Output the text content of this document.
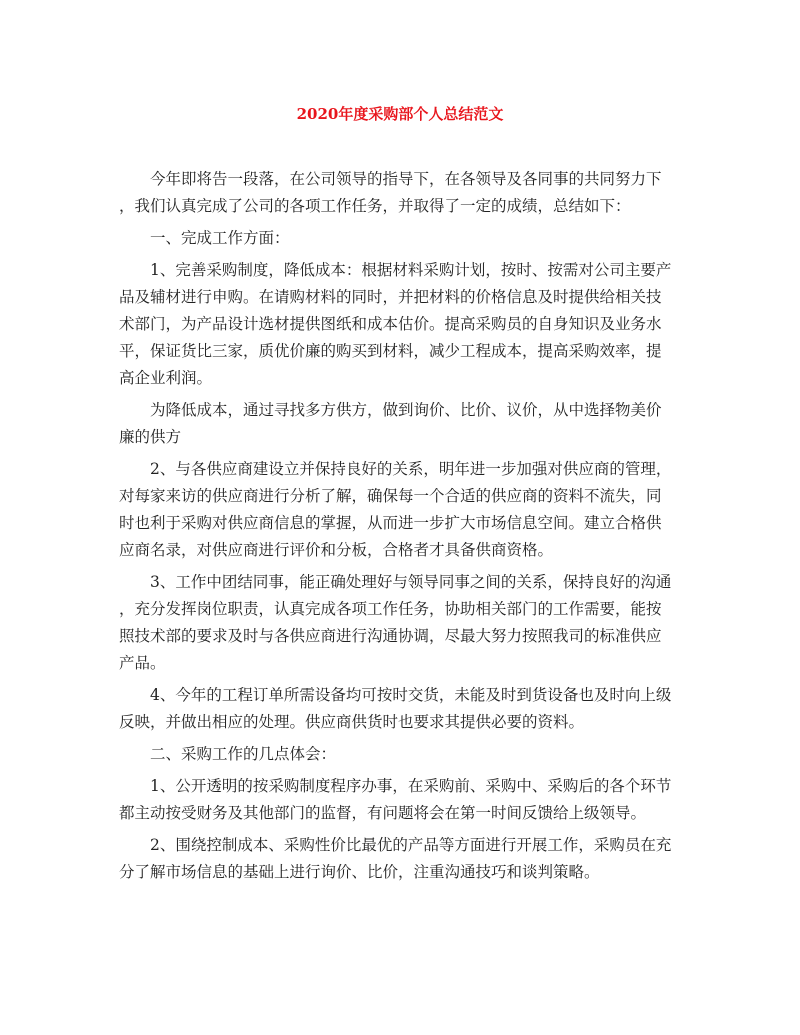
2020年度采购部个人总结范文

今年即将告一段落，在公司领导的指导下，在各领导及各同事的共同努力下
，我们认真完成了公司的各项工作任务，并取得了一定的成绩，总结如下：

一、完成工作方面：

1、完善采购制度，降低成本：根据材料采购计划，按时、按需对公司主要产
品及辅材进行申购。在请购材料的同时，并把材料的价格信息及时提供给相关技
术部门，为产品设计选材提供图纸和成本估价。提高采购员的自身知识及业务水
平，保证货比三家，质优价廉的购买到材料，减少工程成本，提高采购效率，提
高企业利润。

为降低成本，通过寻找多方供方，做到询价、比价、议价，从中选择物美价
廉的供方

2、与各供应商建设立并保持良好的关系，明年进一步加强对供应商的管理，
对每家来访的供应商进行分析了解，确保每一个合适的供应商的资料不流失，同
时也利于采购对供应商信息的掌握，从而进一步扩大市场信息空间。建立合格供
应商名录，对供应商进行评价和分板，合格者才具备供商资格。

3、工作中团结同事，能正确处理好与领导同事之间的关系，保持良好的沟通
，充分发挥岗位职责，认真完成各项工作任务，协助相关部门的工作需要，能按
照技术部的要求及时与各供应商进行沟通协调，尽最大努力按照我司的标准供应
产品。

4、今年的工程订单所需设备均可按时交货，未能及时到货设备也及时向上级
反映，并做出相应的处理。供应商供货时也要求其提供必要的资料。

二、采购工作的几点体会：

1、公开透明的按采购制度程序办事，在采购前、采购中、采购后的各个环节
都主动按受财务及其他部门的监督，有问题将会在第一时间反馈给上级领导。

2、围绕控制成本、采购性价比最优的产品等方面进行开展工作，采购员在充
分了解市场信息的基础上进行询价、比价，注重沟通技巧和谈判策略。
